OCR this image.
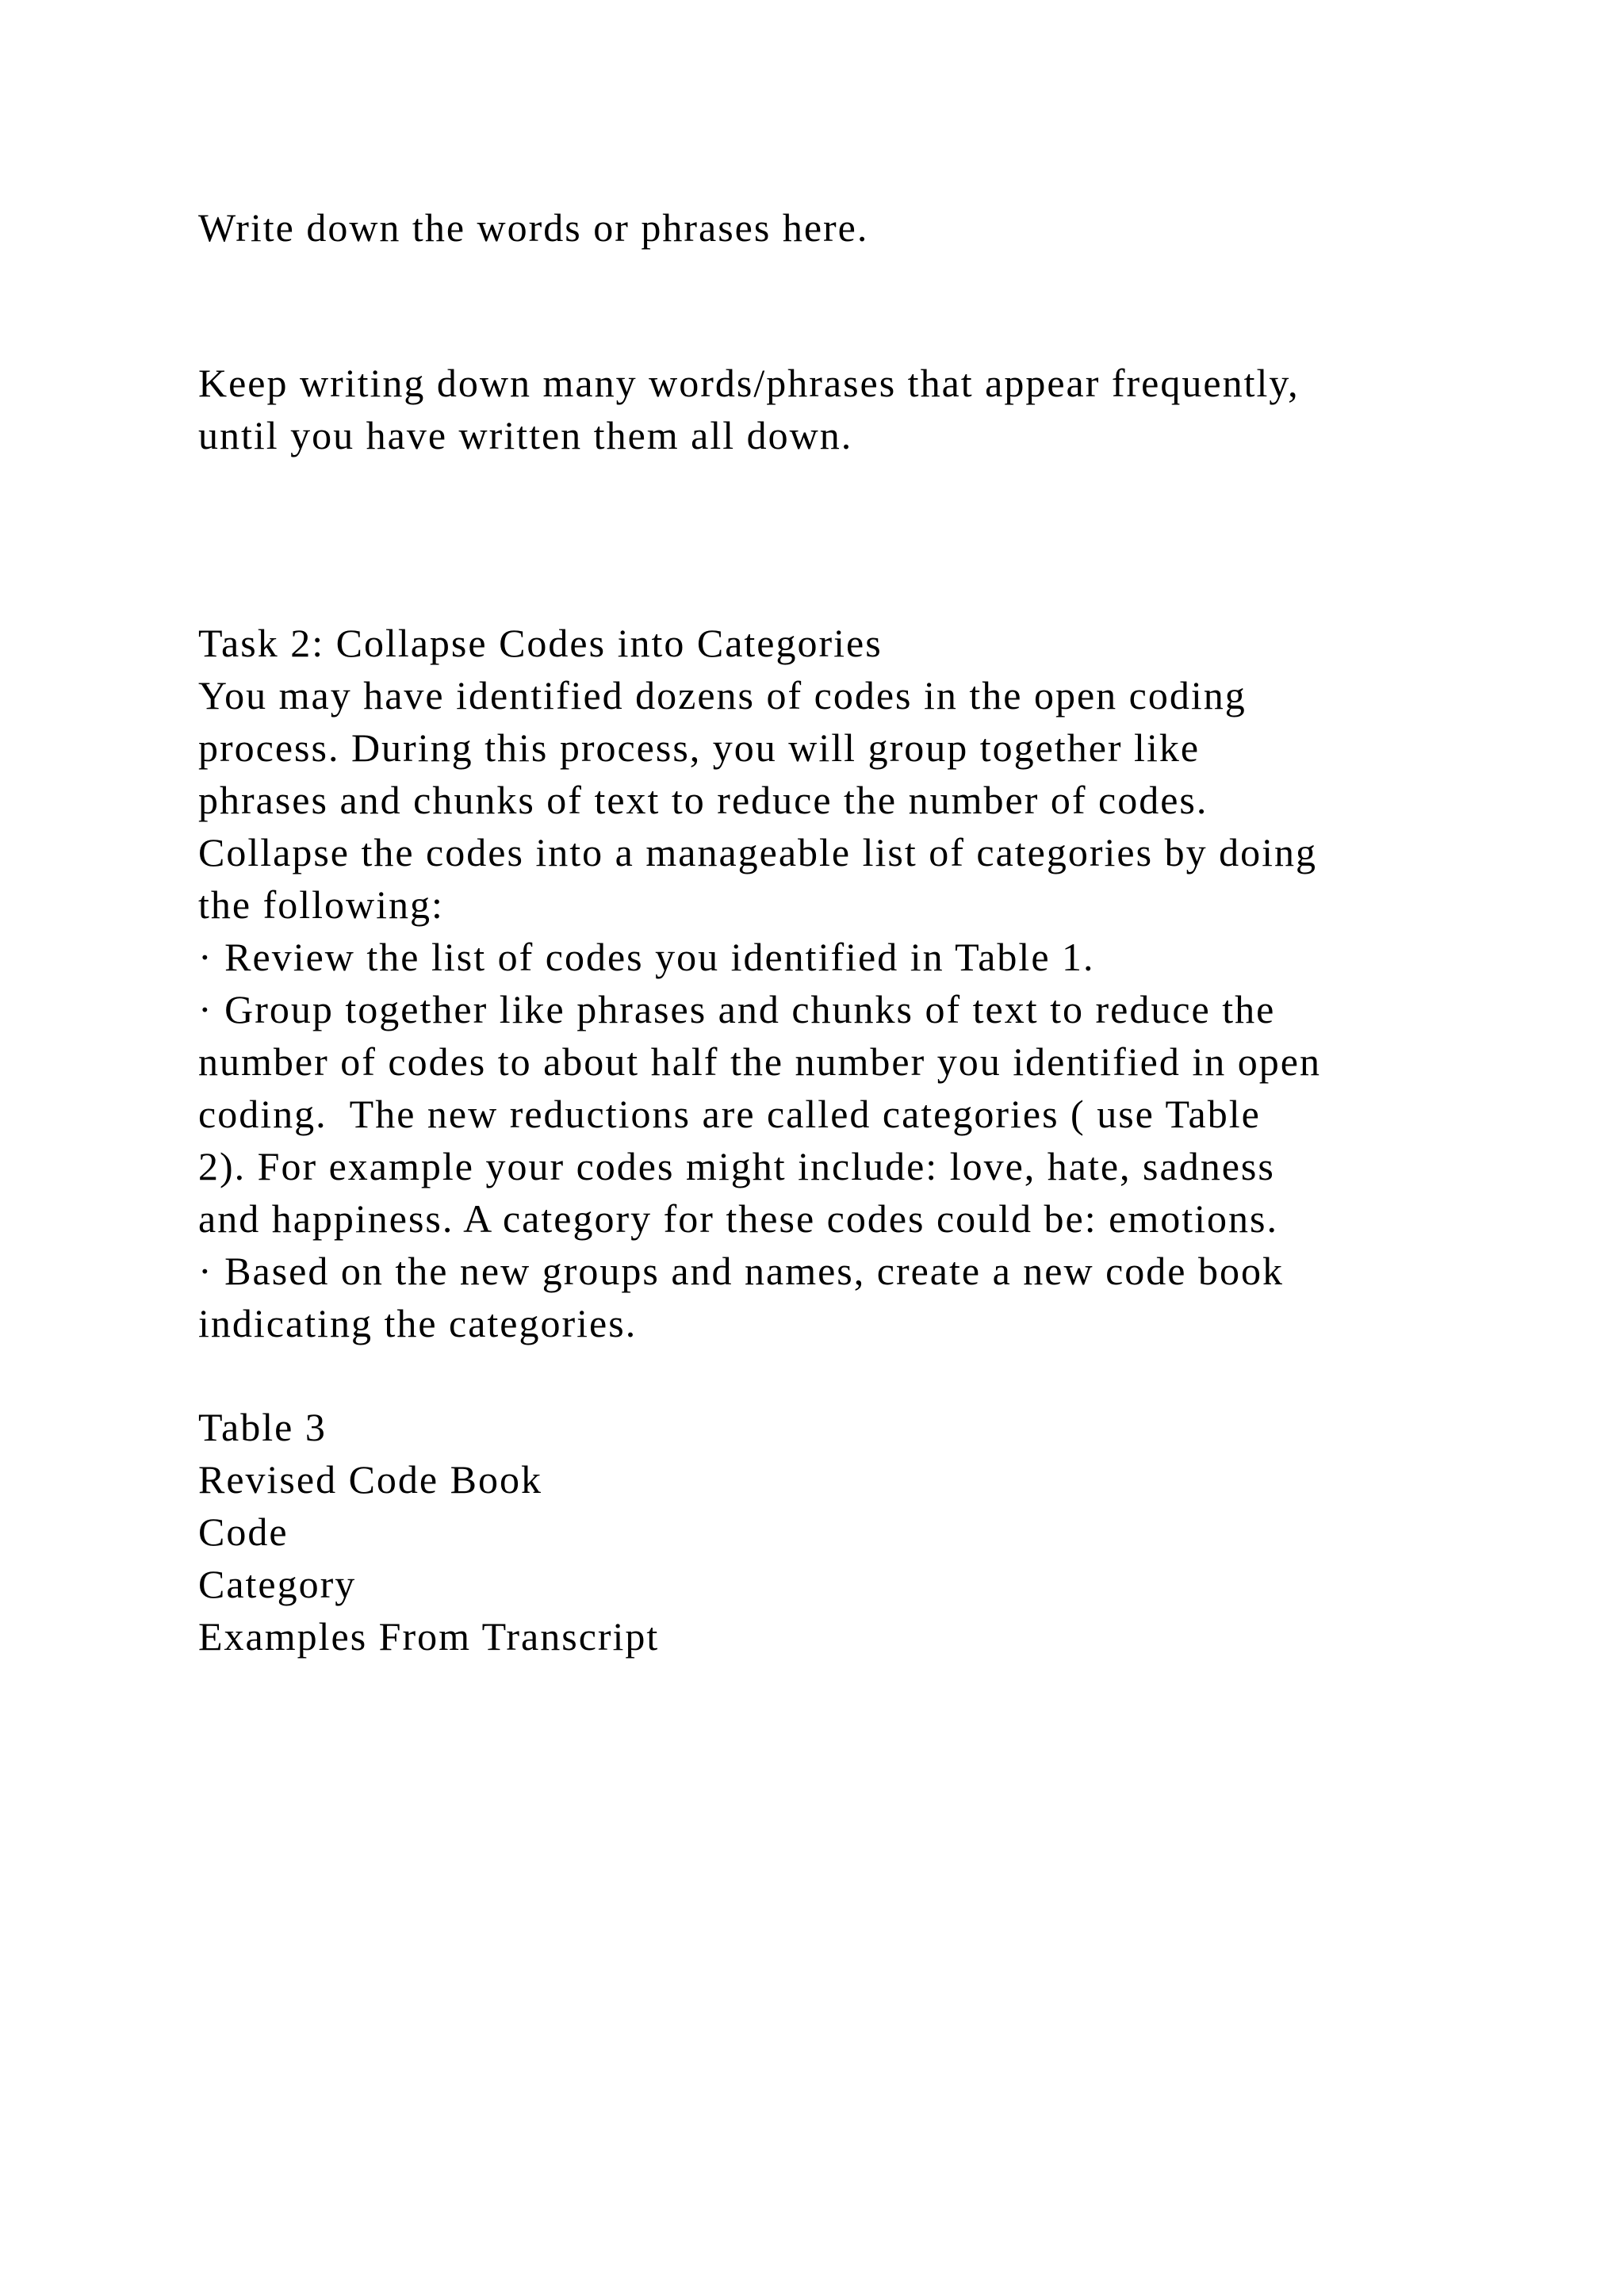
Write down the words or phrases here.
Keep writing down many words/phrases that appear frequently,
until you have written them all down.
Task 2: Collapse Codes into Categories
You may have identified dozens of codes in the open coding
process. During this process, you will group together like
phrases and chunks of text to reduce the number of codes.
Collapse the codes into a manageable list of categories by doing
the following:
· Review the list of codes you identified in Table 1.
· Group together like phrases and chunks of text to reduce the
number of codes to about half the number you identified in open
coding.  The new reductions are called categories ( use Table
2). For example your codes might include: love, hate, sadness
and happiness. A category for these codes could be: emotions.
· Based on the new groups and names, create a new code book
indicating the categories.
Table 3
Revised Code Book
Code
Category
Examples From Transcript
